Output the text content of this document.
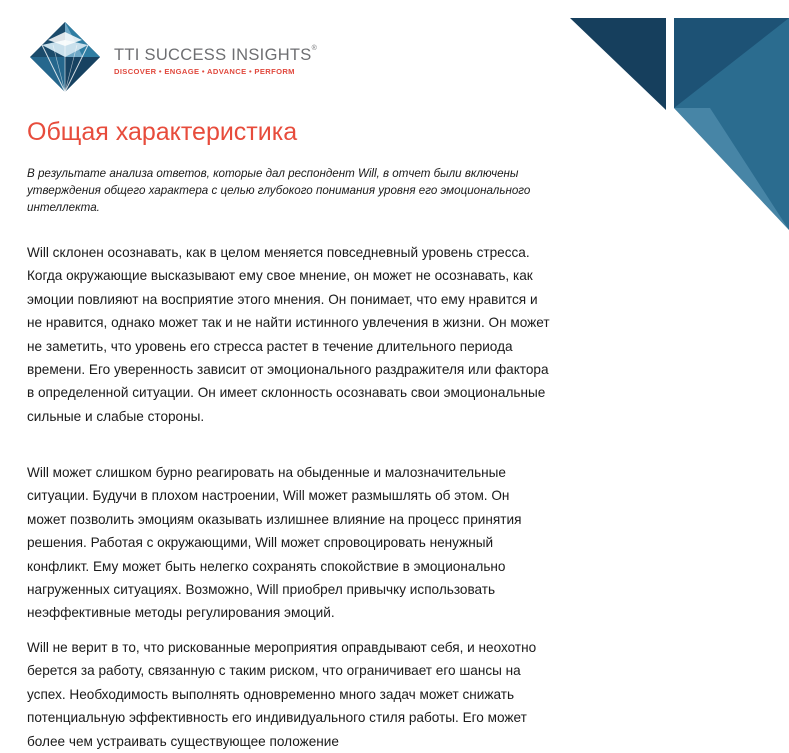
TTI SUCCESS INSIGHTS®
DISCOVER • ENGAGE • ADVANCE • PERFORM
Общая характеристика

В результате анализа ответов, которые дал респондент Will, в отчет были включены утверждения общего характера с целью глубокого понимания уровня его эмоционального интеллекта.

Will склонен осознавать, как в целом меняется повседневный уровень стресса. Когда окружающие высказывают ему свое мнение, он может не осознавать, как эмоции повлияют на восприятие этого мнения. Он понимает, что ему нравится и не нравится, однако может так и не найти истинного увлечения в жизни. Он может не заметить, что уровень его стресса растет в течение длительного периода времени. Его уверенность зависит от эмоционального раздражителя или фактора в определенной ситуации. Он имеет склонность осознавать свои эмоциональные сильные и слабые стороны.

Will может слишком бурно реагировать на обыденные и малозначительные ситуации. Будучи в плохом настроении, Will может размышлять об этом. Он может позволить эмоциям оказывать излишнее влияние на процесс принятия решения. Работая с окружающими, Will может спровоцировать ненужный конфликт. Ему может быть нелегко сохранять спокойствие в эмоционально нагруженных ситуациях. Возможно, Will приобрел привычку использовать неэффективные методы регулирования эмоций.

Will не верит в то, что рискованные мероприятия оправдывают себя, и неохотно берется за работу, связанную с таким риском, что ограничивает его шансы на успех. Необходимость выполнять одновременно много задач может снижать потенциальную эффективность его индивидуального стиля работы. Его может более чем устраивать существующее положение
